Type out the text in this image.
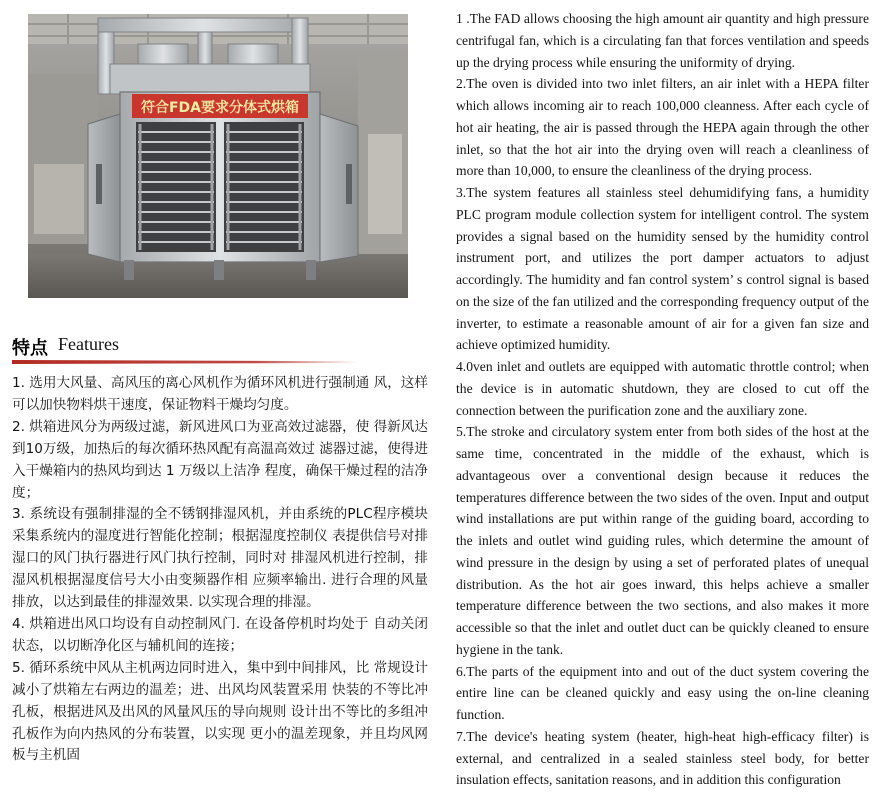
符合FDA要求分体式烘箱
特点 Features
1. 选用大风量、高风压的离心风机作为循环风机进行强制通 风，这样可以加快物料烘干速度，保证物料干燥均匀度。
2. 烘箱进风分为两级过滤，新风进风口为亚高效过滤器，使 得新风达到10万级，加热后的每次循环热风配有高温高效过 滤器过滤，使得进入干燥箱内的热风均到达 1 万级以上洁净 程度，确保干燥过程的洁净度；
3. 系统设有强制排湿的全不锈钢排湿风机，并由系统的PLC程序模块采集系统内的湿度进行智能化控制；根据湿度控制仪 表提供信号对排湿口的风门执行器进行风门执行控制，同时对 排湿风机进行控制，排湿风机根据湿度信号大小由变频器作相 应频率输出. 进行合理的风量排放，以达到最佳的排湿效果. 以实现合理的排湿。
4. 烘箱进出风口均设有自动控制风门. 在设备停机时均处于 自动关闭状态，以切断净化区与辅机间的连接；
5. 循环系统中风从主机两边同时进入，集中到中间排风，比 常规设计减小了烘箱左右两边的温差；进、出风均风装置采用 快装的不等比冲孔板，根据进风及出风的风量风压的导向规则 设计出不等比的多组冲孔板作为向内热风的分布装置，以实现 更小的温差现象，并且均风网板与主机固
1 .The FAD allows choosing the high amount air quantity and high pressure centrifugal fan, which is a circulating fan that forces ventilation and speeds up the drying process while ensuring the uniformity of drying.
2.The oven is divided into two inlet filters, an air inlet with a HEPA filter which allows incoming air to reach 100,000 cleanness. After each cycle of hot air heating, the air is passed through the HEPA again through the other inlet, so that the hot air into the drying oven will reach a cleanliness of more than 10,000, to ensure the cleanliness of the drying process.
3.The system features all stainless steel dehumidifying fans, a humidity PLC program module collection system for intelligent control. The system provides a signal based on the humidity sensed by the humidity control instrument port, and utilizes the port damper actuators to adjust accordingly. The humidity and fan control system’ s control signal is based on the size of the fan utilized and the corresponding frequency output of the inverter, to estimate a reasonable amount of air for a given fan size and achieve optimized humidity.
4.0ven inlet and outlets are equipped with automatic throttle control; when the device is in automatic shutdown, they are closed to cut off the connection between the purification zone and the auxiliary zone.
5.The stroke and circulatory system enter from both sides of the host at the same time, concentrated in the middle of the exhaust, which is advantageous over a conventional design because it reduces the temperatures difference between the two sides of the oven. Input and output wind installations are put within range of the guiding board, according to the inlets and outlet wind guiding rules, which determine the amount of wind pressure in the design by using a set of perforated plates of unequal distribution. As the hot air goes inward, this helps achieve a smaller temperature difference between the two sections, and also makes it more accessible so that the inlet and outlet duct can be quickly cleaned to ensure hygiene in the tank.
6.The parts of the equipment into and out of the duct system covering the entire line can be cleaned quickly and easy using the on-line cleaning function.
7.The device's heating system (heater, high-heat high-efficacy filter) is external, and centralized in a sealed stainless steel body, for better insulation effects, sanitation reasons, and in addition this configuration
